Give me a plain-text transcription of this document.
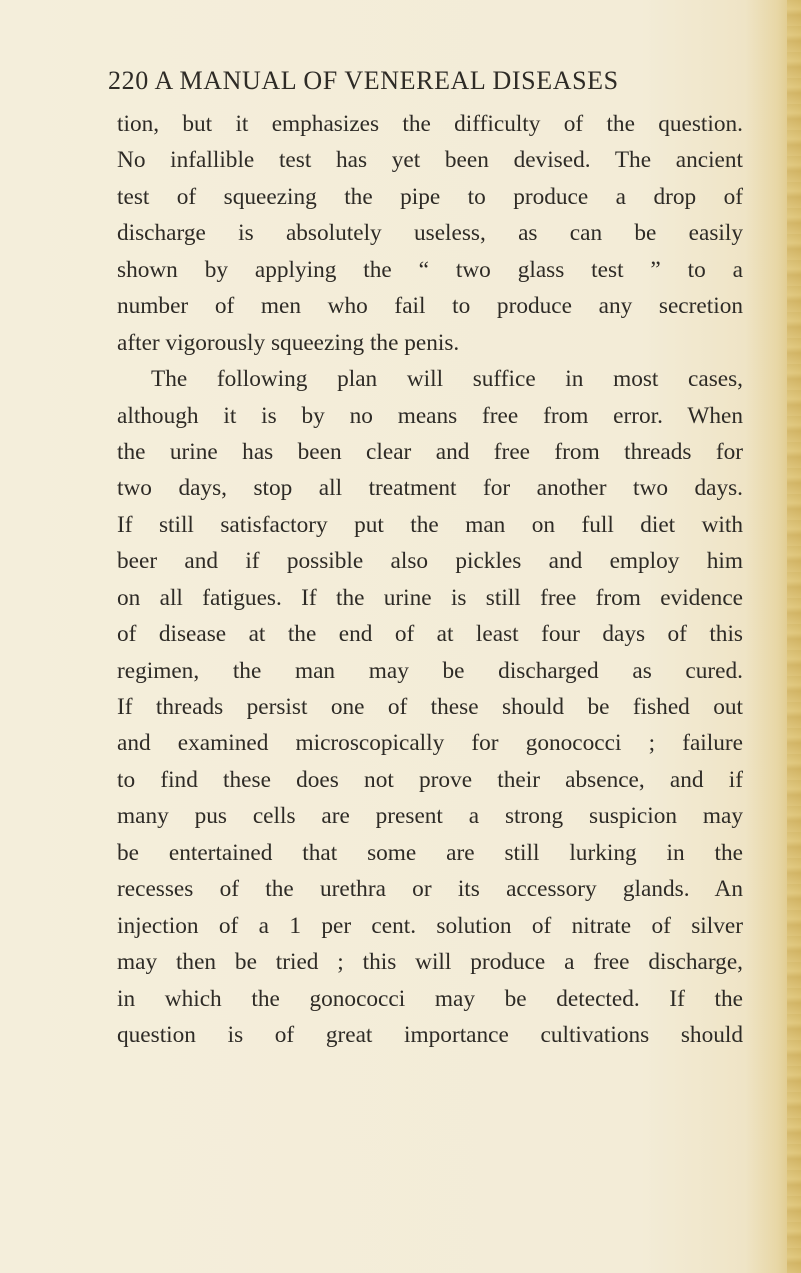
220 A MANUAL OF VENEREAL DISEASES
tion, but it emphasizes the difficulty of the question.
No infallible test has yet been devised. The ancient
test of squeezing the pipe to produce a drop of
discharge is absolutely useless, as can be easily
shown by applying the “ two glass test ” to a
number of men who fail to produce any secretion
after vigorously squeezing the penis.
The following plan will suffice in most cases,
although it is by no means free from error. When
the urine has been clear and free from threads for
two days, stop all treatment for another two days.
If still satisfactory put the man on full diet with
beer and if possible also pickles and employ him
on all fatigues. If the urine is still free from evidence
of disease at the end of at least four days of this
regimen, the man may be discharged as cured.
If threads persist one of these should be fished out
and examined microscopically for gonococci ; failure
to find these does not prove their absence, and if
many pus cells are present a strong suspicion may
be entertained that some are still lurking in the
recesses of the urethra or its accessory glands. An
injection of a 1 per cent. solution of nitrate of silver
may then be tried ; this will produce a free discharge,
in which the gonococci may be detected. If the
question is of great importance cultivations should
